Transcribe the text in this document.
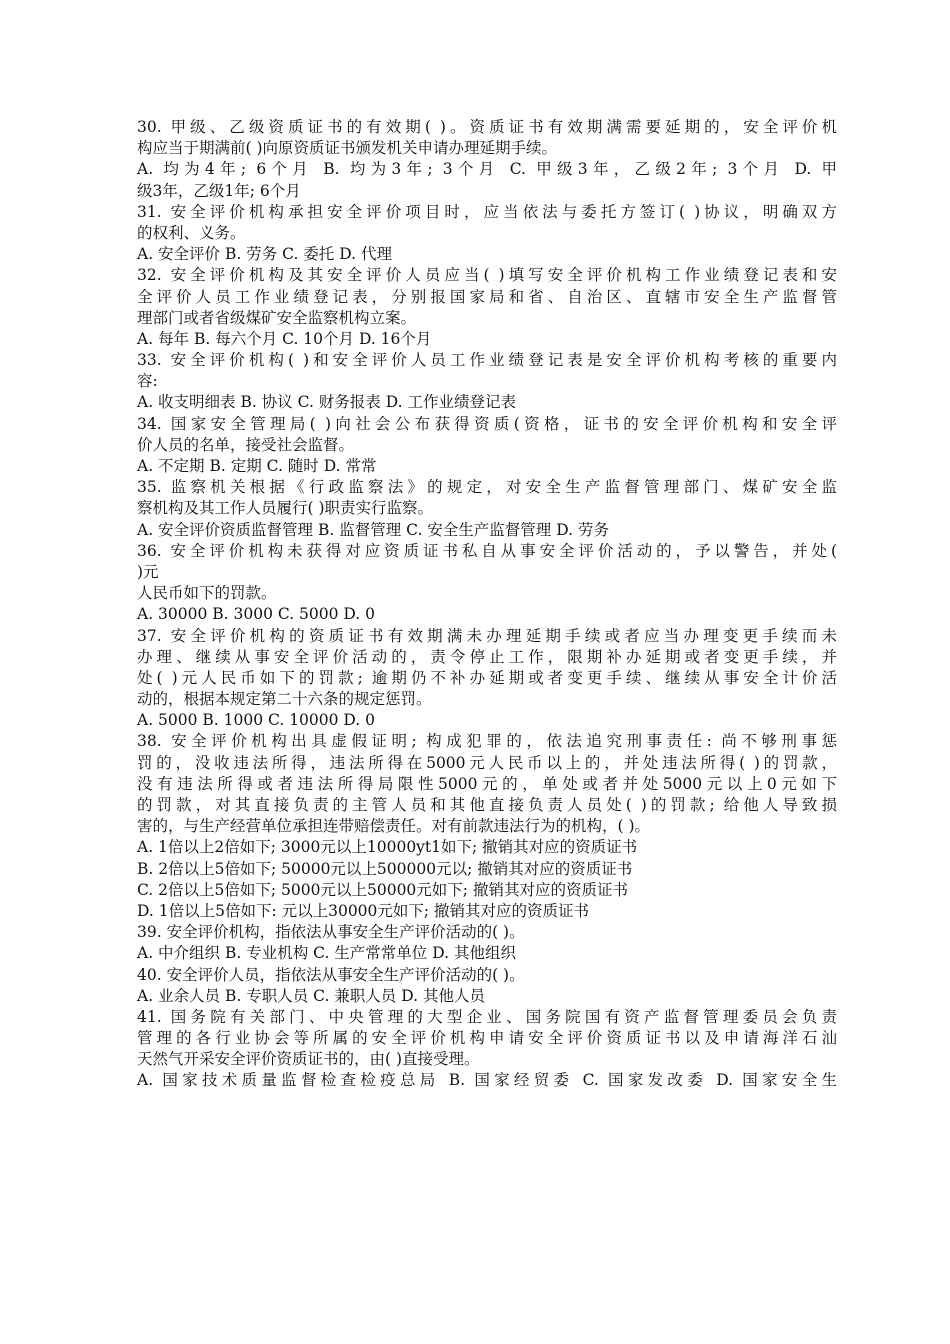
30. 甲级、乙级资质证书的有效期( )。资质证书有效期满需要延期的，安全评价机
构应当于期满前( )向原资质证书颁发机关申请办理延期手续。
A. 均为4年; 6个月 B. 均为3年; 3个月 C. 甲级3年，乙级2年; 3个月 D. 甲
级3年，乙级1年; 6个月
31. 安全评价机构承担安全评价项目时，应当依法与委托方签订( )协议，明确双方
的权利、义务。
A. 安全评价 B. 劳务 C. 委托 D. 代理
32. 安全评价机构及其安全评价人员应当( )填写安全评价机构工作业绩登记表和安
全评价人员工作业绩登记表，分别报国家局和省、自治区、直辖市安全生产监督管
理部门或者省级煤矿安全监察机构立案。
A. 每年 B. 每六个月 C. 10个月 D. 16个月
33. 安全评价机构( )和安全评价人员工作业绩登记表是安全评价机构考核的重要内
容:
A. 收支明细表 B. 协议 C. 财务报表 D. 工作业绩登记表
34. 国家安全管理局( )向社会公布获得资质(资格，证书的安全评价机构和安全评
价人员的名单，接受社会监督。
A. 不定期 B. 定期 C. 随时 D. 常常
35. 监察机关根据《行政监察法》的规定，对安全生产监督管理部门、煤矿安全监
察机构及其工作人员履行( )职责实行监察。
A. 安全评价资质监督管理 B. 监督管理 C. 安全生产监督管理 D. 劳务
36. 安全评价机构未获得对应资质证书私自从事安全评价活动的，予以警告，并处(
)元
人民币如下的罚款。
A. 30000 B. 3000 C. 5000 D. 0
37. 安全评价机构的资质证书有效期满未办理延期手续或者应当办理变更手续而未
办理、继续从事安全评价活动的，责令停止工作，限期补办延期或者变更手续，并
处( )元人民币如下的罚款; 逾期仍不补办延期或者变更手续、继续从事安全计价活
动的，根据本规定第二十六条的规定惩罚。
A. 5000 B. 1000 C. 10000 D. 0
38. 安全评价机构出具虚假证明; 构成犯罪的，依法追究刑事责任: 尚不够刑事惩
罚的，没收违法所得，违法所得在5000元人民币以上的，并处违法所得( )的罚款，
没有违法所得或者违法所得局限性5000元的，单处或者并处5000元以上0元如下
的罚款，对其直接负责的主管人员和其他直接负责人员处( )的罚款; 给他人导致损
害的，与生产经营单位承担连带赔偿责任。对有前款违法行为的机构，( )。
A. 1倍以上2倍如下; 3000元以上10000yt1如下; 撤销其对应的资质证书
B. 2倍以上5倍如下; 50000元以上500000元以; 撤销其对应的资质证书
C. 2倍以上5倍如下; 5000元以上50000元如下; 撤销其对应的资质证书
D. 1倍以上5倍如下: 元以上30000元如下; 撤销其对应的资质证书
39. 安全评价机构，指依法从事安全生产评价活动的( )。
A. 中介组织 B. 专业机构 C. 生产常常单位 D. 其他组织
40. 安全评价人员，指依法从事安全生产评价活动的( )。
A. 业余人员 B. 专职人员 C. 兼职人员 D. 其他人员
41. 国务院有关部门、中央管理的大型企业、国务院国有资产监督管理委员会负责
管理的各行业协会等所属的安全评价机构申请安全评价资质证书以及申请海洋石汕
天然气开采安全评价资质证书的，由( )直接受理。
A. 国家技术质量监督检查检疫总局 B. 国家经贸委 C. 国家发改委 D. 国家安全生
